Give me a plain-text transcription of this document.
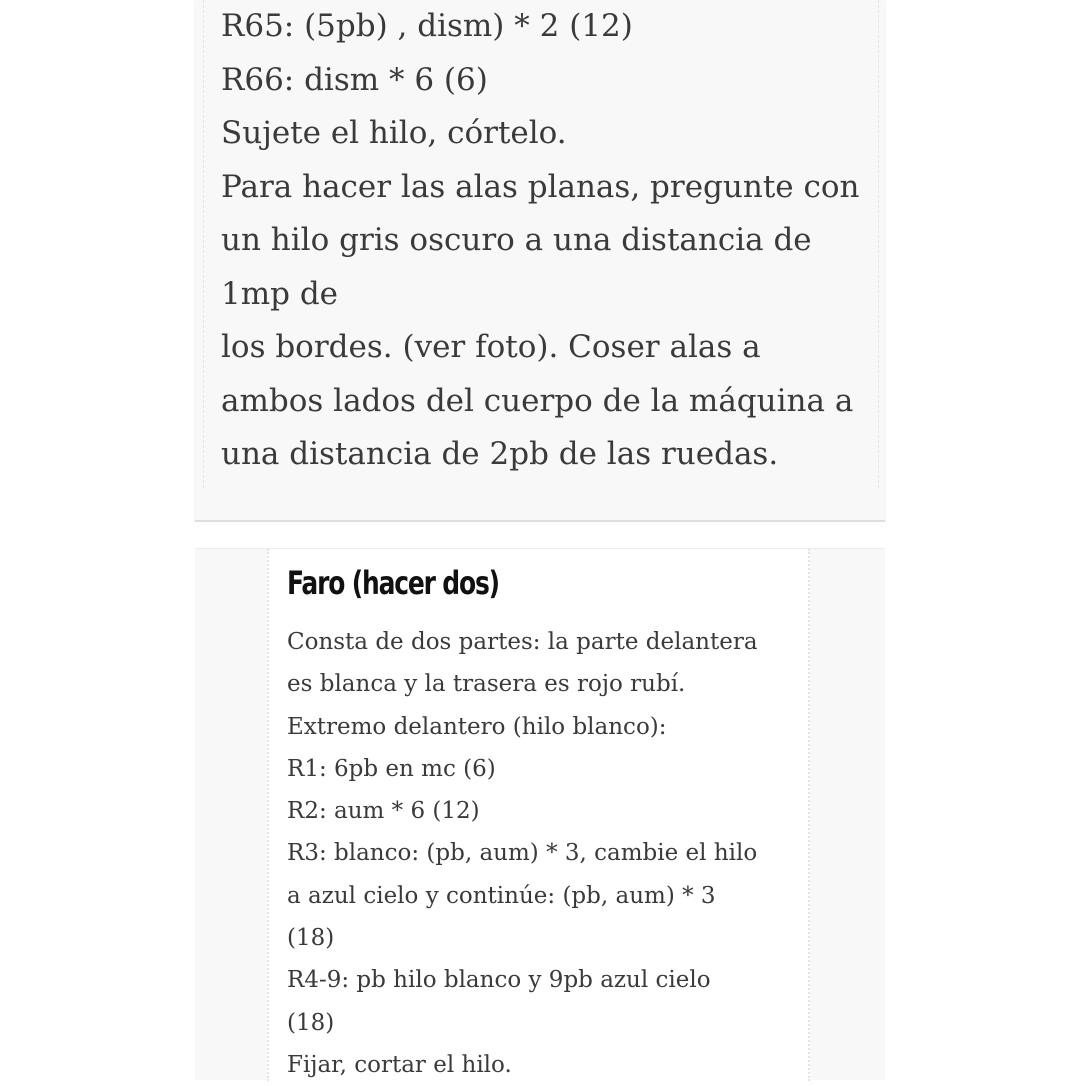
R65: (5pb) , dism) * 2 (12)
R66: dism * 6 (6)
Sujete el hilo, córtelo.
Para hacer las alas planas, pregunte con
un hilo gris oscuro a una distancia de
1mp de
los bordes. (ver foto). Coser alas a
ambos lados del cuerpo de la máquina a
una distancia de 2pb de las ruedas.

Faro (hacer dos)

Consta de dos partes: la parte delantera
es blanca y la trasera es rojo rubí.
Extremo delantero (hilo blanco):
R1: 6pb en mc (6)
R2: aum * 6 (12)
R3: blanco: (pb, aum) * 3, cambie el hilo
a azul cielo y continúe: (pb, aum) * 3
(18)
R4-9: pb hilo blanco y 9pb azul cielo
(18)
Fijar, cortar el hilo.
